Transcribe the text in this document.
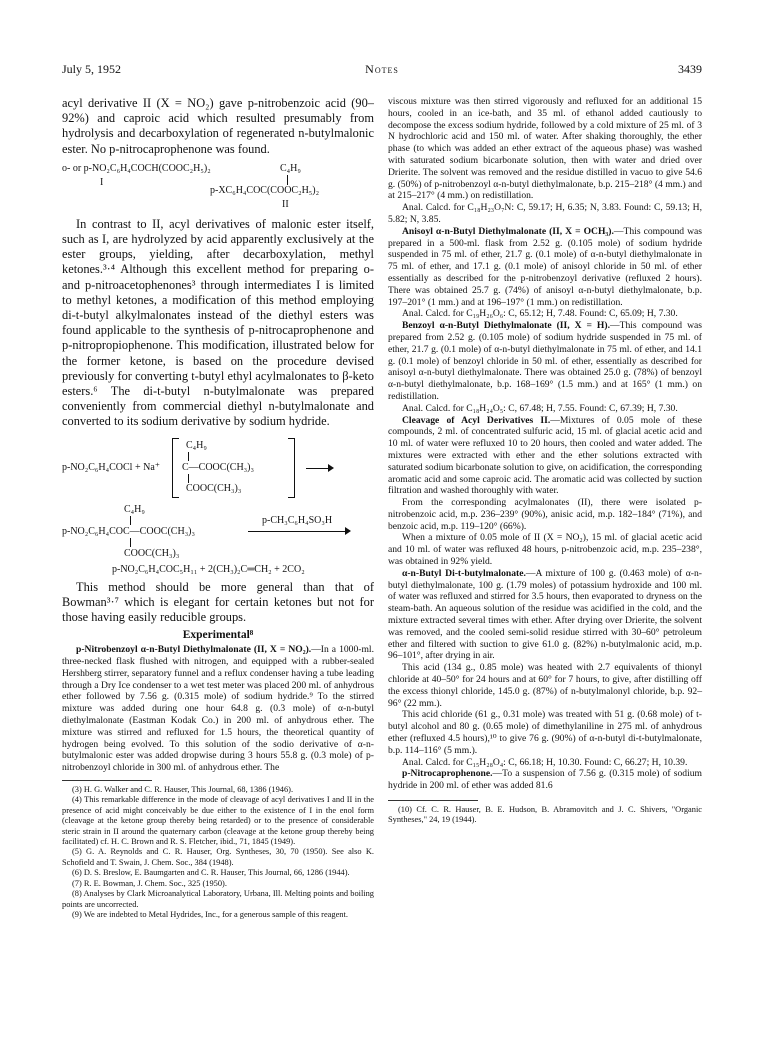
July 5, 1952	Notes	3439

acyl derivative II (X = NO₂) gave p-nitrobenzoic acid (90–92%) and caproic acid which resulted presumably from hydrolysis and decarboxylation of regenerated n-butylmalonic ester. No p-nitrocaprophenone was found.

o- or p-NO₂C₆H₄COCH(COOC₂H₅)₂
I
C₄H₉
p-XC₆H₄COC(COOC₂H₅)₂
II

In contrast to II, acyl derivatives of malonic ester itself, such as I, are hydrolyzed by acid apparently exclusively at the ester groups, yielding, after decarboxylation, methyl ketones.³·⁴ Although this excellent method for preparing o- and p-nitroacetophenones³ through intermediates I is limited to methyl ketones, a modification of this method employing di-t-butyl alkylmalonates instead of the diethyl esters was found applicable to the synthesis of p-nitrocaprophenone and p-nitropropiophenone. This modification, illustrated below for the former ketone, is based on the procedure devised previously for converting t-butyl ethyl acylmalonates to β-keto esters.⁶ The di-t-butyl n-butylmalonate was prepared conveniently from commercial diethyl n-butylmalonate and converted to its sodium derivative by sodium hydride.

p-NO₂C₆H₄COCl + Na⁺
C₄H₉
C—COOC(CH₃)₃
COOC(CH₃)₃
C₄H₉
p-NO₂C₆H₄COC—COOC(CH₃)₃
p-CH₃C₆H₄SO₃H
COOC(CH₃)₃
p-NO₂C₆H₄COC₅H₁₁ + 2(CH₃)₂C═CH₂ + 2CO₂

This method should be more general than that of Bowman³·⁷ which is elegant for certain ketones but not for those having easily reducible groups.

Experimental⁸

p-Nitrobenzoyl α-n-Butyl Diethylmalonate (II, X = NO₂).—In a 1000-ml. three-necked flask flushed with nitrogen, and equipped with a rubber-sealed Hershberg stirrer, separatory funnel and a reflux condenser having a tube leading through a Dry Ice condenser to a wet test meter was placed 200 ml. of anhydrous ether followed by 7.56 g. (0.315 mole) of sodium hydride.⁹ To the stirred mixture was added during one hour 64.8 g. (0.3 mole) of α-n-butyl diethylmalonate (Eastman Kodak Co.) in 200 ml. of anhydrous ether. The mixture was stirred and refluxed for 1.5 hours, the theoretical quantity of hydrogen being evolved. To this solution of the sodio derivative of α-n-butylmalonic ester was added dropwise during 3 hours 55.8 g. (0.3 mole) of p-nitrobenzoyl chloride in 300 ml. of anhydrous ether. The

(3) H. G. Walker and C. R. Hauser, This Journal, 68, 1386 (1946).

(4) This remarkable difference in the mode of cleavage of acyl derivatives I and II in the presence of acid might conceivably be due either to the existence of I in the enol form (cleavage at the ketone group thereby being retarded) or to the presence of considerable steric strain in II around the quaternary carbon (cleavage at the ketone group thereby being facilitated) cf. H. C. Brown and R. S. Fletcher, ibid., 71, 1845 (1949).

(5) G. A. Reynolds and C. R. Hauser, Org. Syntheses, 30, 70 (1950). See also K. Schofield and T. Swain, J. Chem. Soc., 384 (1948).

(6) D. S. Breslow, E. Baumgarten and C. R. Hauser, This Journal, 66, 1286 (1944).

(7) R. E. Bowman, J. Chem. Soc., 325 (1950).

(8) Analyses by Clark Microanalytical Laboratory, Urbana, Ill. Melting points and boiling points are uncorrected.

(9) We are indebted to Metal Hydrides, Inc., for a generous sample of this reagent.

viscous mixture was then stirred vigorously and refluxed for an additional 15 hours, cooled in an ice-bath, and 35 ml. of ethanol added cautiously to decompose the excess sodium hydride, followed by a cold mixture of 25 ml. of 3 N hydrochloric acid and 150 ml. of water. After shaking thoroughly, the ether phase (to which was added an ether extract of the aqueous phase) was washed with saturated sodium bicarbonate solution, then with water and dried over Drierite. The solvent was removed and the residue distilled in vacuo to give 54.6 g. (50%) of p-nitrobenzoyl α-n-butyl diethylmalonate, b.p. 215–218° (4 mm.) and at 215–217° (4 mm.) on redistillation.

Anal. Calcd. for C₁₈H₂₃O₇N: C, 59.17; H, 6.35; N, 3.83. Found: C, 59.13; H, 5.82; N, 3.85.

Anisoyl α-n-Butyl Diethylmalonate (II, X = OCH₃).—This compound was prepared in a 500-ml. flask from 2.52 g. (0.105 mole) of sodium hydride suspended in 75 ml. of ether, 21.7 g. (0.1 mole) of α-n-butyl diethylmalonate in 75 ml. of ether, and 17.1 g. (0.1 mole) of anisoyl chloride in 50 ml. of ether essentially as described for the p-nitrobenzoyl derivative (refluxed 2 hours). There was obtained 25.7 g. (74%) of anisoyl α-n-butyl diethylmalonate, b.p. 197–201° (1 mm.) and at 196–197° (1 mm.) on redistillation.

Anal. Calcd. for C₁₉H₂₆O₆: C, 65.12; H, 7.48. Found: C, 65.09; H, 7.30.

Benzoyl α-n-Butyl Diethylmalonate (II, X = H).—This compound was prepared from 2.52 g. (0.105 mole) of sodium hydride suspended in 75 ml. of ether, 21.7 g. (0.1 mole) of α-n-butyl diethylmalonate in 75 ml. of ether, and 14.1 g. (0.1 mole) of benzoyl chloride in 50 ml. of ether, essentially as described for anisoyl α-n-butyl diethylmalonate. There was obtained 25.0 g. (78%) of benzoyl α-n-butyl diethylmalonate, b.p. 168–169° (1.5 mm.) and at 165° (1 mm.) on redistillation.

Anal. Calcd. for C₁₈H₂₄O₅: C, 67.48; H, 7.55. Found: C, 67.39; H, 7.30.

Cleavage of Acyl Derivatives II.—Mixtures of 0.05 mole of these compounds, 2 ml. of concentrated sulfuric acid, 15 ml. of glacial acetic acid and 10 ml. of water were refluxed 10 to 20 hours, then cooled and water added. The mixtures were extracted with ether and the ether solutions extracted with saturated sodium bicarbonate solution to give, on acidification, the corresponding aromatic acid and some caproic acid. The aromatic acid was collected by suction filtration and washed thoroughly with water.

From the corresponding acylmalonates (II), there were isolated p-nitrobenzoic acid, m.p. 236–239° (90%), anisic acid, m.p. 182–184° (71%), and benzoic acid, m.p. 119–120° (66%).

When a mixture of 0.05 mole of II (X = NO₂), 15 ml. of glacial acetic acid and 10 ml. of water was refluxed 48 hours, p-nitrobenzoic acid, m.p. 235–238°, was obtained in 92% yield.

α-n-Butyl Di-t-butylmalonate.—A mixture of 100 g. (0.463 mole) of α-n-butyl diethylmalonate, 100 g. (1.79 moles) of potassium hydroxide and 100 ml. of water was refluxed and stirred for 3.5 hours, then evaporated to dryness on the steam-bath. An aqueous solution of the residue was acidified in the cold, and the mixture extracted several times with ether. After drying over Drierite, the solvent was removed, and the cooled semi-solid residue stirred with 30–60° petroleum ether and filtered with suction to give 61.0 g. (82%) n-butylmalonic acid, m.p. 96–101°, after drying in air.

This acid (134 g., 0.85 mole) was heated with 2.7 equivalents of thionyl chloride at 40–50° for 24 hours and at 60° for 7 hours, to give, after distilling off the excess thionyl chloride, 145.0 g. (87%) of n-butylmalonyl chloride, b.p. 92–96° (22 mm.).

This acid chloride (61 g., 0.31 mole) was treated with 51 g. (0.68 mole) of t-butyl alcohol and 80 g. (0.65 mole) of dimethylaniline in 275 ml. of anhydrous ether (refluxed 4.5 hours),¹⁰ to give 76 g. (90%) of α-n-butyl di-t-butylmalonate, b.p. 114–116° (5 mm.).

Anal. Calcd. for C₁₅H₂₈O₄: C, 66.18; H, 10.30. Found: C, 66.27; H, 10.39.

p-Nitrocaprophenone.—To a suspension of 7.56 g. (0.315 mole) of sodium hydride in 200 ml. of ether was added 81.6

(10) Cf. C. R. Hauser, B. E. Hudson, B. Abramovitch and J. C. Shivers, "Organic Syntheses," 24, 19 (1944).
